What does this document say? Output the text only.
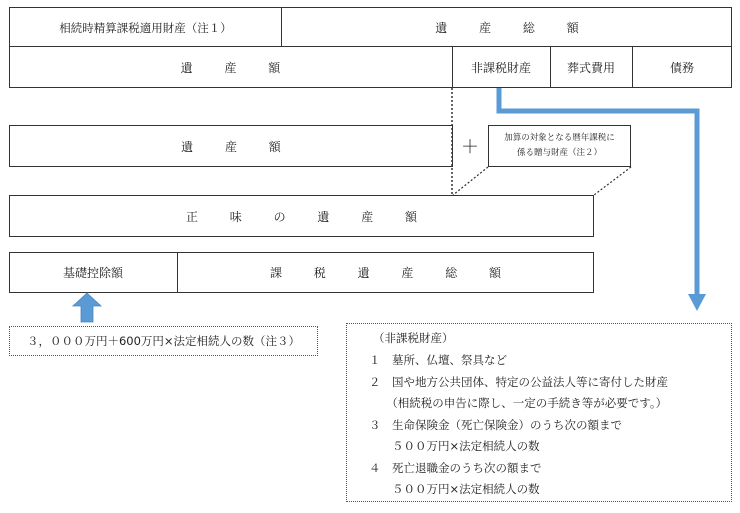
相続時精算課税適用財産（注１）	遺 産 総 額
遺 産 額	非課税財産	葬式費用	債務
遺 産 額	＋	加算の対象となる暦年課税に
係る贈与財産（注２）
正 味 の 遺 産 額
基礎控除額	課 税 遺 産 総 額
３，０００万円＋600万円×法定相続人の数（注３）	（非課税財産）
１　墓所、仏壇、祭具など
２　国や地方公共団体、特定の公益法人等に寄付した財産
　　（相続税の申告に際し、一定の手続き等が必要です。）
３　生命保険金（死亡保険金）のうち次の額まで
　　５００万円×法定相続人の数
４　死亡退職金のうち次の額まで
　　５００万円×法定相続人の数
